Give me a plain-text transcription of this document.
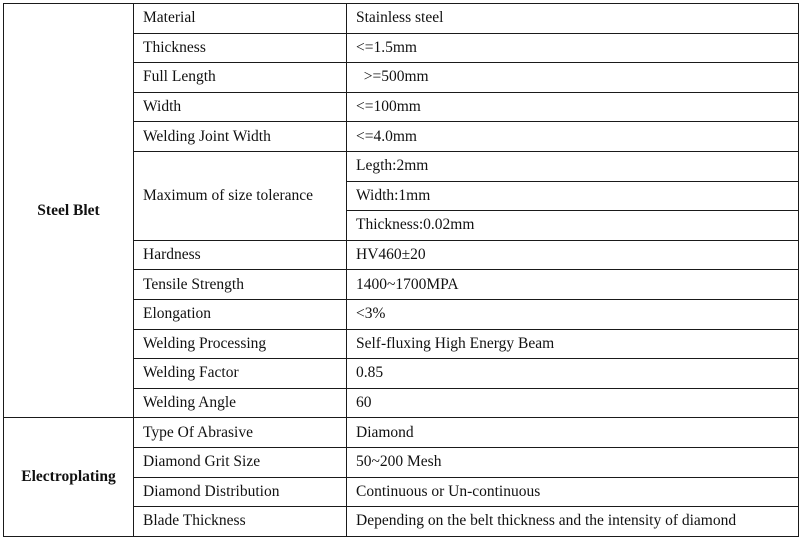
Steel Blet	Material	Stainless steel
	Thickness	<=1.5mm
	Full Length	>=500mm
	Width	<=100mm
	Welding Joint Width	<=4.0mm
	Maximum of size tolerance	Legth:2mm
		Width:1mm
		Thickness:0.02mm
	Hardness	HV460±20
	Tensile Strength	1400~1700MPA
	Elongation	<3%
	Welding Processing	Self-fluxing High Energy Beam
	Welding Factor	0.85
	Welding Angle	60
Electroplating	Type Of Abrasive	Diamond
	Diamond Grit Size	50~200 Mesh
	Diamond Distribution	Continuous or Un-continuous
	Blade Thickness	Depending on the belt thickness and the intensity of diamond
